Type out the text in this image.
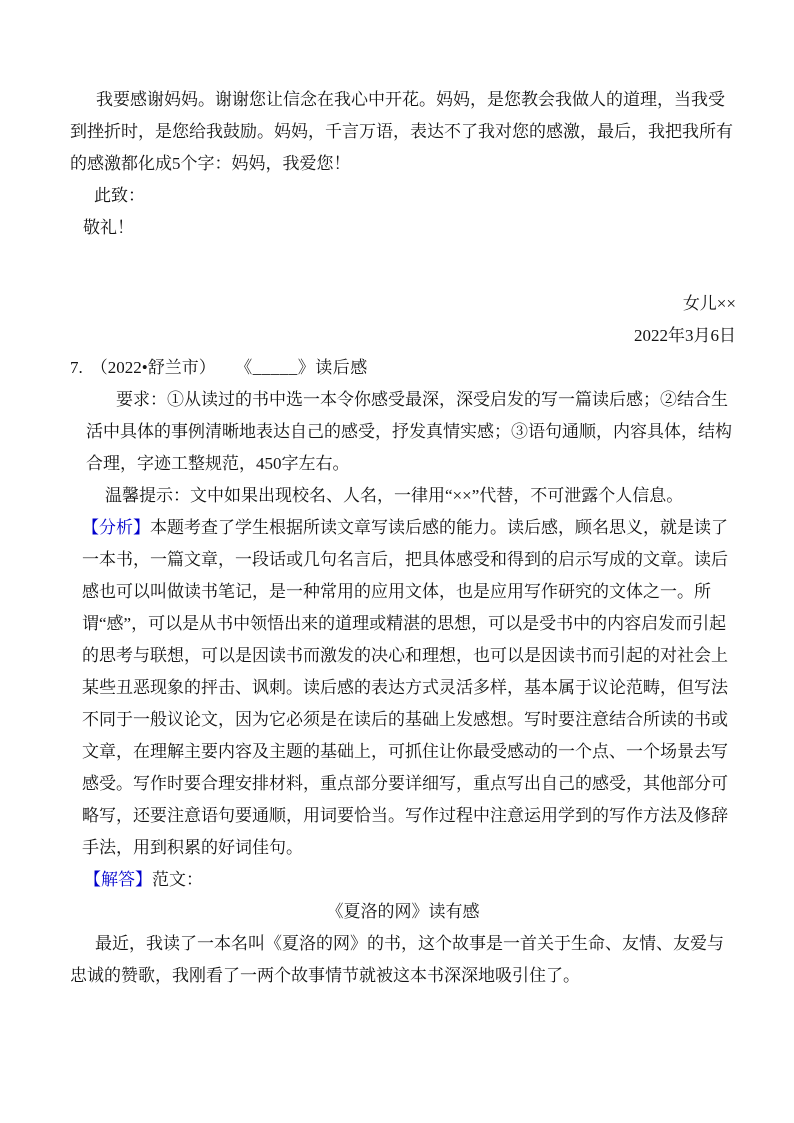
我要感谢妈妈。谢谢您让信念在我心中开花。妈妈，是您教会我做人的道理，当我受到挫折时，是您给我鼓励。妈妈，千言万语，表达不了我对您的感激，最后，我把我所有的感激都化成5个字：妈妈，我爱您！

此致：

敬礼！

女儿××

2022年3月6日

7. （2022•舒兰市） 《_____》读后感

要求：①从读过的书中选一本令你感受最深，深受启发的写一篇读后感；②结合生活中具体的事例清晰地表达自己的感受，抒发真情实感；③语句通顺，内容具体，结构合理，字迹工整规范，450字左右。

温馨提示：文中如果出现校名、人名，一律用“××”代替，不可泄露个人信息。

【分析】本题考查了学生根据所读文章写读后感的能力。读后感，顾名思义，就是读了一本书，一篇文章，一段话或几句名言后，把具体感受和得到的启示写成的文章。读后感也可以叫做读书笔记，是一种常用的应用文体，也是应用写作研究的文体之一。所谓“感”，可以是从书中领悟出来的道理或精湛的思想，可以是受书中的内容启发而引起的思考与联想，可以是因读书而激发的决心和理想，也可以是因读书而引起的对社会上某些丑恶现象的抨击、讽刺。读后感的表达方式灵活多样，基本属于议论范畴，但写法不同于一般议论文，因为它必须是在读后的基础上发感想。写时要注意结合所读的书或文章，在理解主要内容及主题的基础上，可抓住让你最受感动的一个点、一个场景去写感受。写作时要合理安排材料，重点部分要详细写，重点写出自己的感受，其他部分可略写，还要注意语句要通顺，用词要恰当。写作过程中注意运用学到的写作方法及修辞手法，用到积累的好词佳句。

【解答】范文：

《夏洛的网》读有感

最近，我读了一本名叫《夏洛的网》的书，这个故事是一首关于生命、友情、友爱与忠诚的赞歌，我刚看了一两个故事情节就被这本书深深地吸引住了。
